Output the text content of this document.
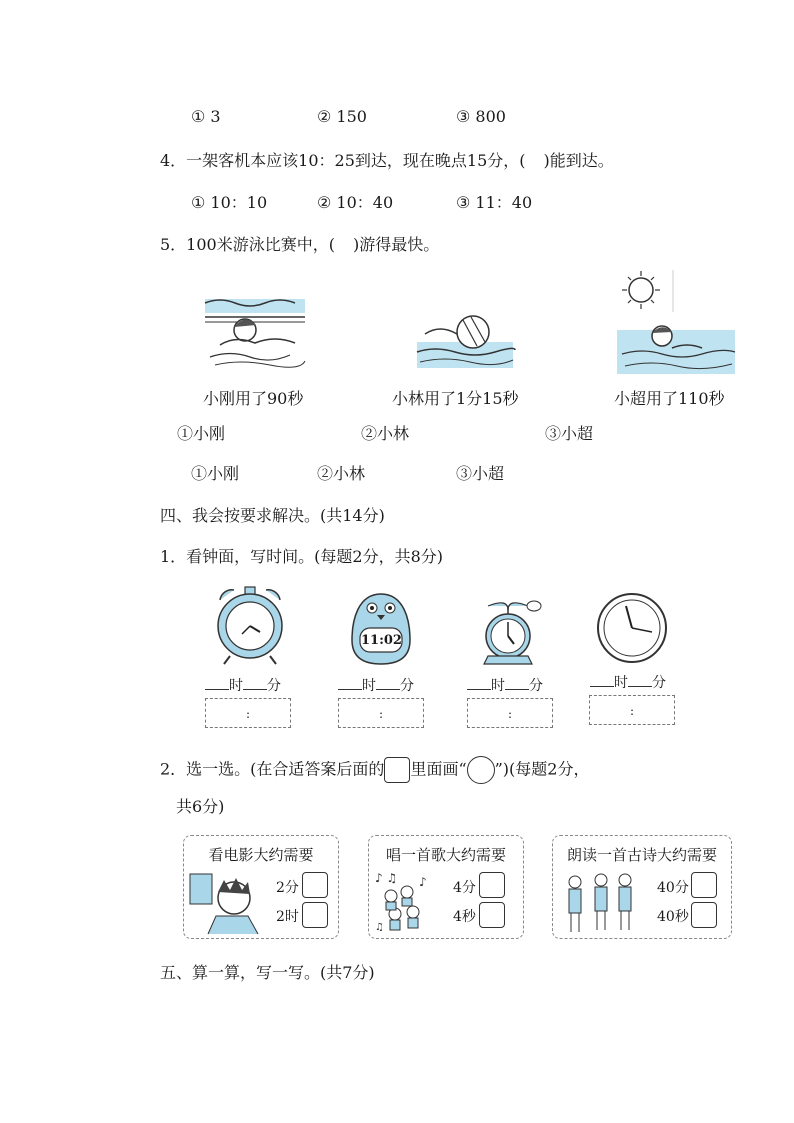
① 3	② 150	③ 800
4．一架客机本应该10：25到达，现在晚点15分，( )能到达。
① 10：10	② 10：40	③ 11：40
5．100米游泳比赛中，( )游得最快。
小刚用了90秒	小林用了1分15秒	小超用了110秒
①小刚	②小林	③小超
①小刚	②小林	③小超
四、我会按要求解决。(共14分)
1．看钟面，写时间。(每题2分，共8分)
11:02
时 分	时 分	时 分	时 分
:	:	:	:
2．选一选。(在合适答案后面的 里面画“ ”)(每题2分，
共6分)
看电影大约需要
2分
2时
唱一首歌大约需要
♪ ♫ ♪
♫
4分
4秒
朗读一首古诗大约需要
40分
40秒
五、算一算，写一写。(共7分)
